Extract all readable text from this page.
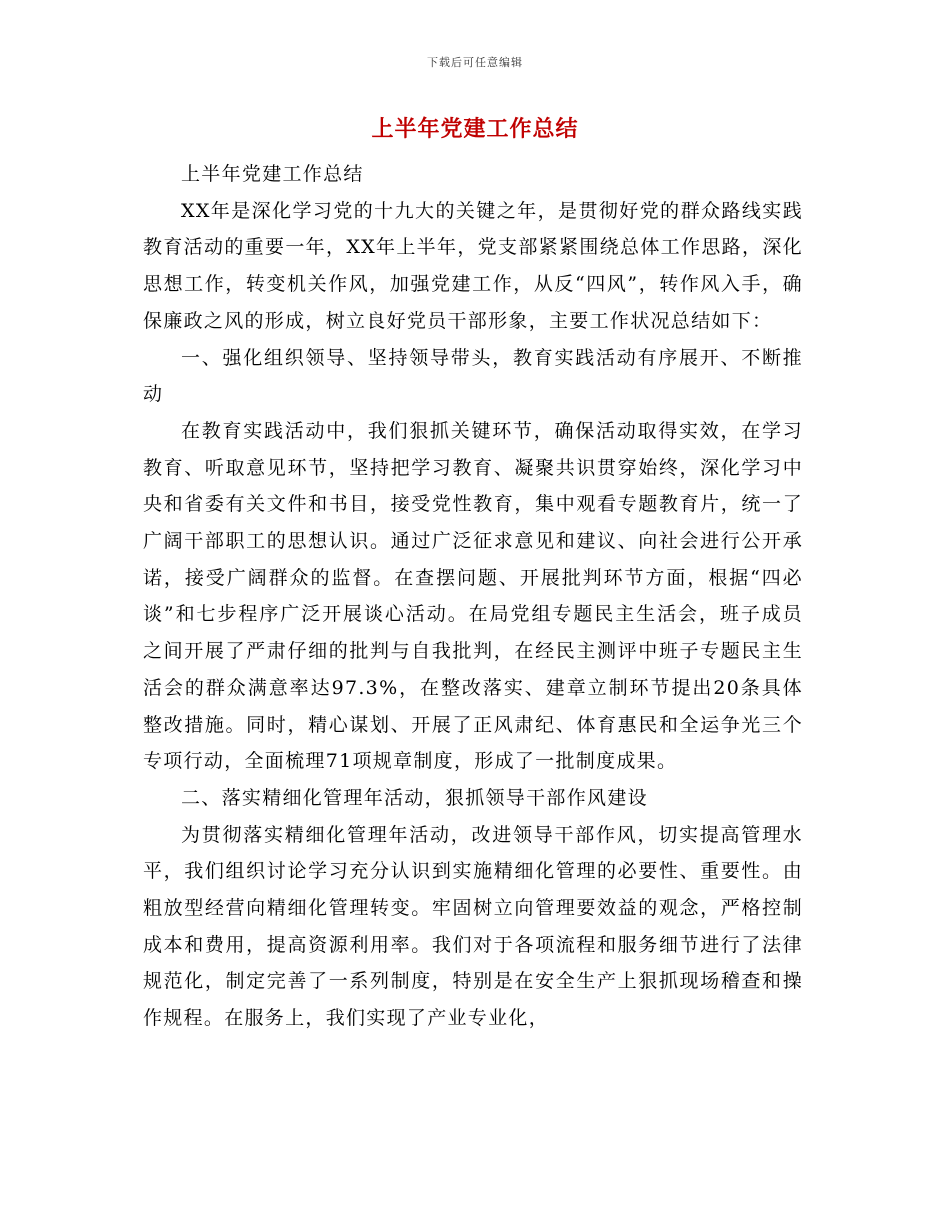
下载后可任意编辑
上半年党建工作总结

上半年党建工作总结

XX年是深化学习党的十九大的关键之年，是贯彻好党的群众路线实践教育活动的重要一年，XX年上半年，党支部紧紧围绕总体工作思路，深化思想工作，转变机关作风，加强党建工作，从反“四风”，转作风入手，确保廉政之风的形成，树立良好党员干部形象，主要工作状况总结如下：

一、强化组织领导、坚持领导带头，教育实践活动有序展开、不断推动

在教育实践活动中，我们狠抓关键环节，确保活动取得实效，在学习教育、听取意见环节，坚持把学习教育、凝聚共识贯穿始终，深化学习中央和省委有关文件和书目，接受党性教育，集中观看专题教育片，统一了广阔干部职工的思想认识。通过广泛征求意见和建议、向社会进行公开承诺，接受广阔群众的监督。在查摆问题、开展批判环节方面，根据“四必谈”和七步程序广泛开展谈心活动。在局党组专题民主生活会，班子成员之间开展了严肃仔细的批判与自我批判，在经民主测评中班子专题民主生活会的群众满意率达97.3%，在整改落实、建章立制环节提出20条具体整改措施。同时，精心谋划、开展了正风肃纪、体育惠民和全运争光三个专项行动，全面梳理71项规章制度，形成了一批制度成果。

二、落实精细化管理年活动，狠抓领导干部作风建设

为贯彻落实精细化管理年活动，改进领导干部作风，切实提高管理水平，我们组织讨论学习充分认识到实施精细化管理的必要性、重要性。由粗放型经营向精细化管理转变。牢固树立向管理要效益的观念，严格控制成本和费用，提高资源利用率。我们对于各项流程和服务细节进行了法律规范化，制定完善了一系列制度，特别是在安全生产上狠抓现场稽查和操作规程。在服务上，我们实现了产业专业化，
